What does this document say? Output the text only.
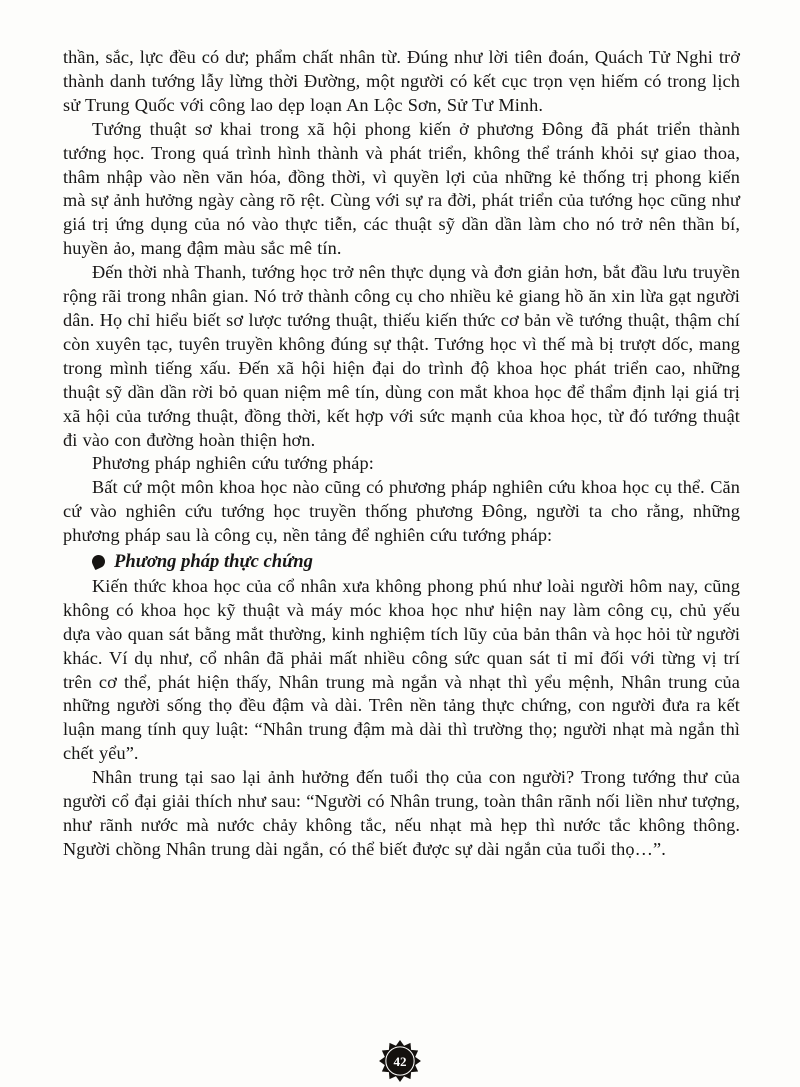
thần, sắc, lực đều có dư; phẩm chất nhân từ. Đúng như lời tiên đoán, Quách Tử Nghi trở thành danh tướng lẫy lừng thời Đường, một người có kết cục trọn vẹn hiếm có trong lịch sử Trung Quốc với công lao dẹp loạn An Lộc Sơn, Sử Tư Minh.

Tướng thuật sơ khai trong xã hội phong kiến ở phương Đông đã phát triển thành tướng học. Trong quá trình hình thành và phát triển, không thể tránh khỏi sự giao thoa, thâm nhập vào nền văn hóa, đồng thời, vì quyền lợi của những kẻ thống trị phong kiến mà sự ảnh hưởng ngày càng rõ rệt. Cùng với sự ra đời, phát triển của tướng học cũng như giá trị ứng dụng của nó vào thực tiễn, các thuật sỹ dần dần làm cho nó trở nên thần bí, huyền ảo, mang đậm màu sắc mê tín.

Đến thời nhà Thanh, tướng học trở nên thực dụng và đơn giản hơn, bắt đầu lưu truyền rộng rãi trong nhân gian. Nó trở thành công cụ cho nhiều kẻ giang hồ ăn xin lừa gạt người dân. Họ chỉ hiểu biết sơ lược tướng thuật, thiếu kiến thức cơ bản về tướng thuật, thậm chí còn xuyên tạc, tuyên truyền không đúng sự thật. Tướng học vì thế mà bị trượt dốc, mang trong mình tiếng xấu. Đến xã hội hiện đại do trình độ khoa học phát triển cao, những thuật sỹ dần dần rời bỏ quan niệm mê tín, dùng con mắt khoa học để thẩm định lại giá trị xã hội của tướng thuật, đồng thời, kết hợp với sức mạnh của khoa học, từ đó tướng thuật đi vào con đường hoàn thiện hơn.

Phương pháp nghiên cứu tướng pháp:

Bất cứ một môn khoa học nào cũng có phương pháp nghiên cứu khoa học cụ thể. Căn cứ vào nghiên cứu tướng học truyền thống phương Đông, người ta cho rằng, những phương pháp sau là công cụ, nền tảng để nghiên cứu tướng pháp:

Phương pháp thực chứng

Kiến thức khoa học của cổ nhân xưa không phong phú như loài người hôm nay, cũng không có khoa học kỹ thuật và máy móc khoa học như hiện nay làm công cụ, chủ yếu dựa vào quan sát bằng mắt thường, kinh nghiệm tích lũy của bản thân và học hỏi từ người khác. Ví dụ như, cổ nhân đã phải mất nhiều công sức quan sát tỉ mỉ đối với từng vị trí trên cơ thể, phát hiện thấy, Nhân trung mà ngắn và nhạt thì yểu mệnh, Nhân trung của những người sống thọ đều đậm và dài. Trên nền tảng thực chứng, con người đưa ra kết luận mang tính quy luật: “Nhân trung đậm mà dài thì trường thọ; người nhạt mà ngắn thì chết yểu”.

Nhân trung tại sao lại ảnh hưởng đến tuổi thọ của con người? Trong tướng thư của người cổ đại giải thích như sau: “Người có Nhân trung, toàn thân rãnh nối liền như tượng, như rãnh nước mà nước chảy không tắc, nếu nhạt mà hẹp thì nước tắc không thông. Người chồng Nhân trung dài ngắn, có thể biết được sự dài ngắn của tuổi thọ…”.

42
